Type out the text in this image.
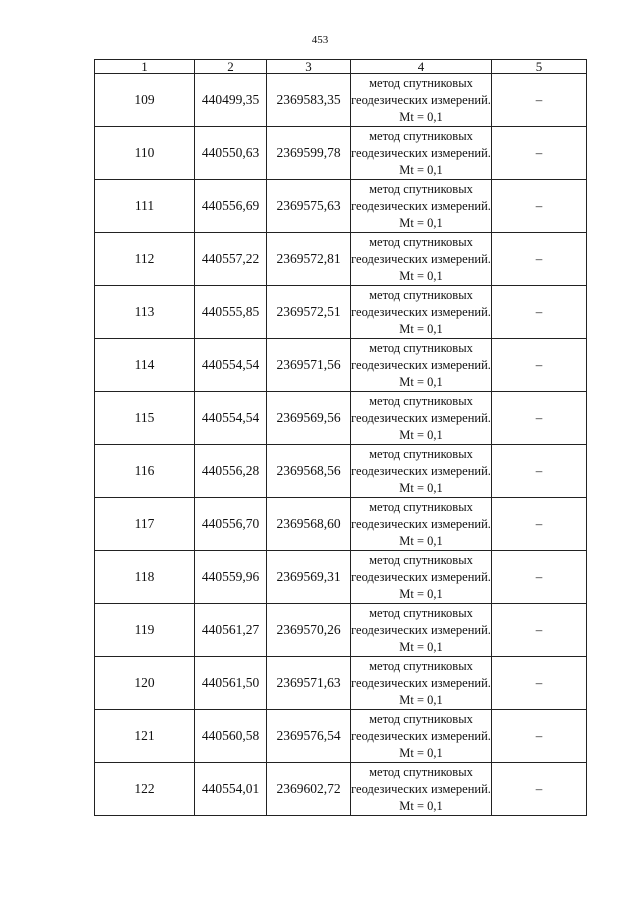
453
1	2	3	4	5
109	440499,35	2369583,35	метод спутниковых геодезических измерений. Mt = 0,1	–
110	440550,63	2369599,78	метод спутниковых геодезических измерений. Mt = 0,1	–
111	440556,69	2369575,63	метод спутниковых геодезических измерений. Mt = 0,1	–
112	440557,22	2369572,81	метод спутниковых геодезических измерений. Mt = 0,1	–
113	440555,85	2369572,51	метод спутниковых геодезических измерений. Mt = 0,1	–
114	440554,54	2369571,56	метод спутниковых геодезических измерений. Mt = 0,1	–
115	440554,54	2369569,56	метод спутниковых геодезических измерений. Mt = 0,1	–
116	440556,28	2369568,56	метод спутниковых геодезических измерений. Mt = 0,1	–
117	440556,70	2369568,60	метод спутниковых геодезических измерений. Mt = 0,1	–
118	440559,96	2369569,31	метод спутниковых геодезических измерений. Mt = 0,1	–
119	440561,27	2369570,26	метод спутниковых геодезических измерений. Mt = 0,1	–
120	440561,50	2369571,63	метод спутниковых геодезических измерений. Mt = 0,1	–
121	440560,58	2369576,54	метод спутниковых геодезических измерений. Mt = 0,1	–
122	440554,01	2369602,72	метод спутниковых геодезических измерений. Mt = 0,1	–
